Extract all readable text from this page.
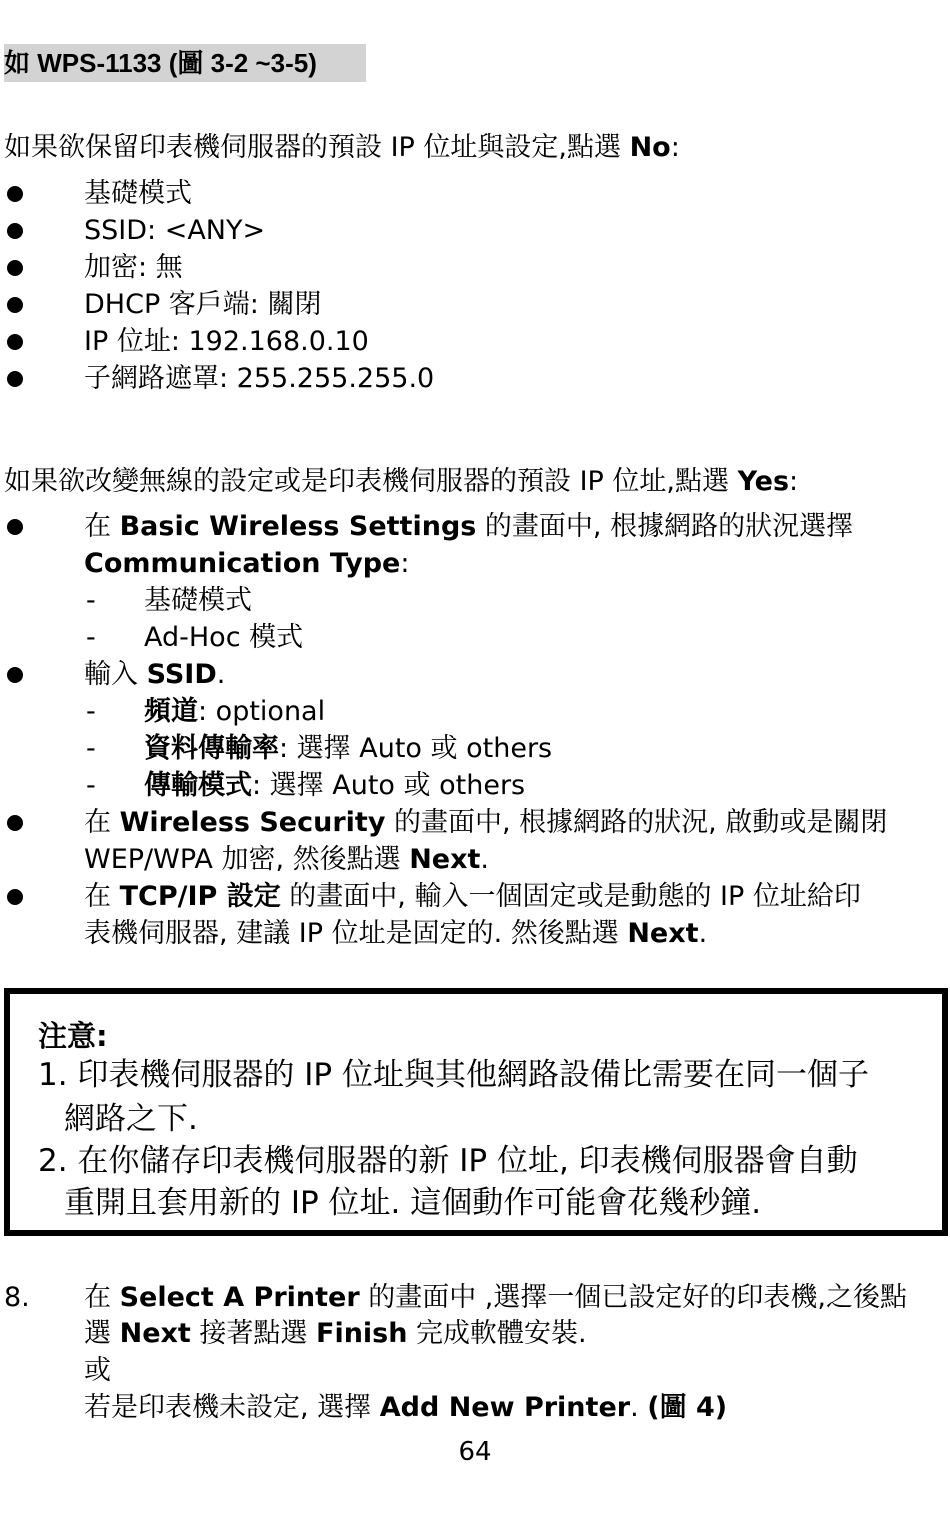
如 WPS-1133 (圖 3-2 ~3-5)
如果欲保留印表機伺服器的預設 IP 位址與設定,點選 No:
基礎模式
SSID: <ANY>
加密: 無
DHCP 客戶端: 關閉
IP 位址: 192.168.0.10
子網路遮罩: 255.255.255.0
如果欲改變無線的設定或是印表機伺服器的預設 IP 位址,點選 Yes:
在 Basic Wireless Settings 的畫面中, 根據網路的狀況選擇
Communication Type:
- 基礎模式
- Ad-Hoc 模式
輸入 SSID.
- 頻道: optional
- 資料傳輸率: 選擇 Auto 或 others
- 傳輸模式: 選擇 Auto 或 others
在 Wireless Security 的畫面中, 根據網路的狀況, 啟動或是關閉
WEP/WPA 加密, 然後點選 Next.
在 TCP/IP 設定 的畫面中, 輸入一個固定或是動態的 IP 位址給印
表機伺服器, 建議 IP 位址是固定的. 然後點選 Next.
注意:
1. 印表機伺服器的 IP 位址與其他網路設備比需要在同一個子
網路之下.
2. 在你儲存印表機伺服器的新 IP 位址, 印表機伺服器會自動
重開且套用新的 IP 位址. 這個動作可能會花幾秒鐘.
8. 在 Select A Printer 的畫面中 ,選擇一個已設定好的印表機,之後點
選 Next 接著點選 Finish 完成軟體安裝.
或
若是印表機未設定, 選擇 Add New Printer. (圖 4)
64
